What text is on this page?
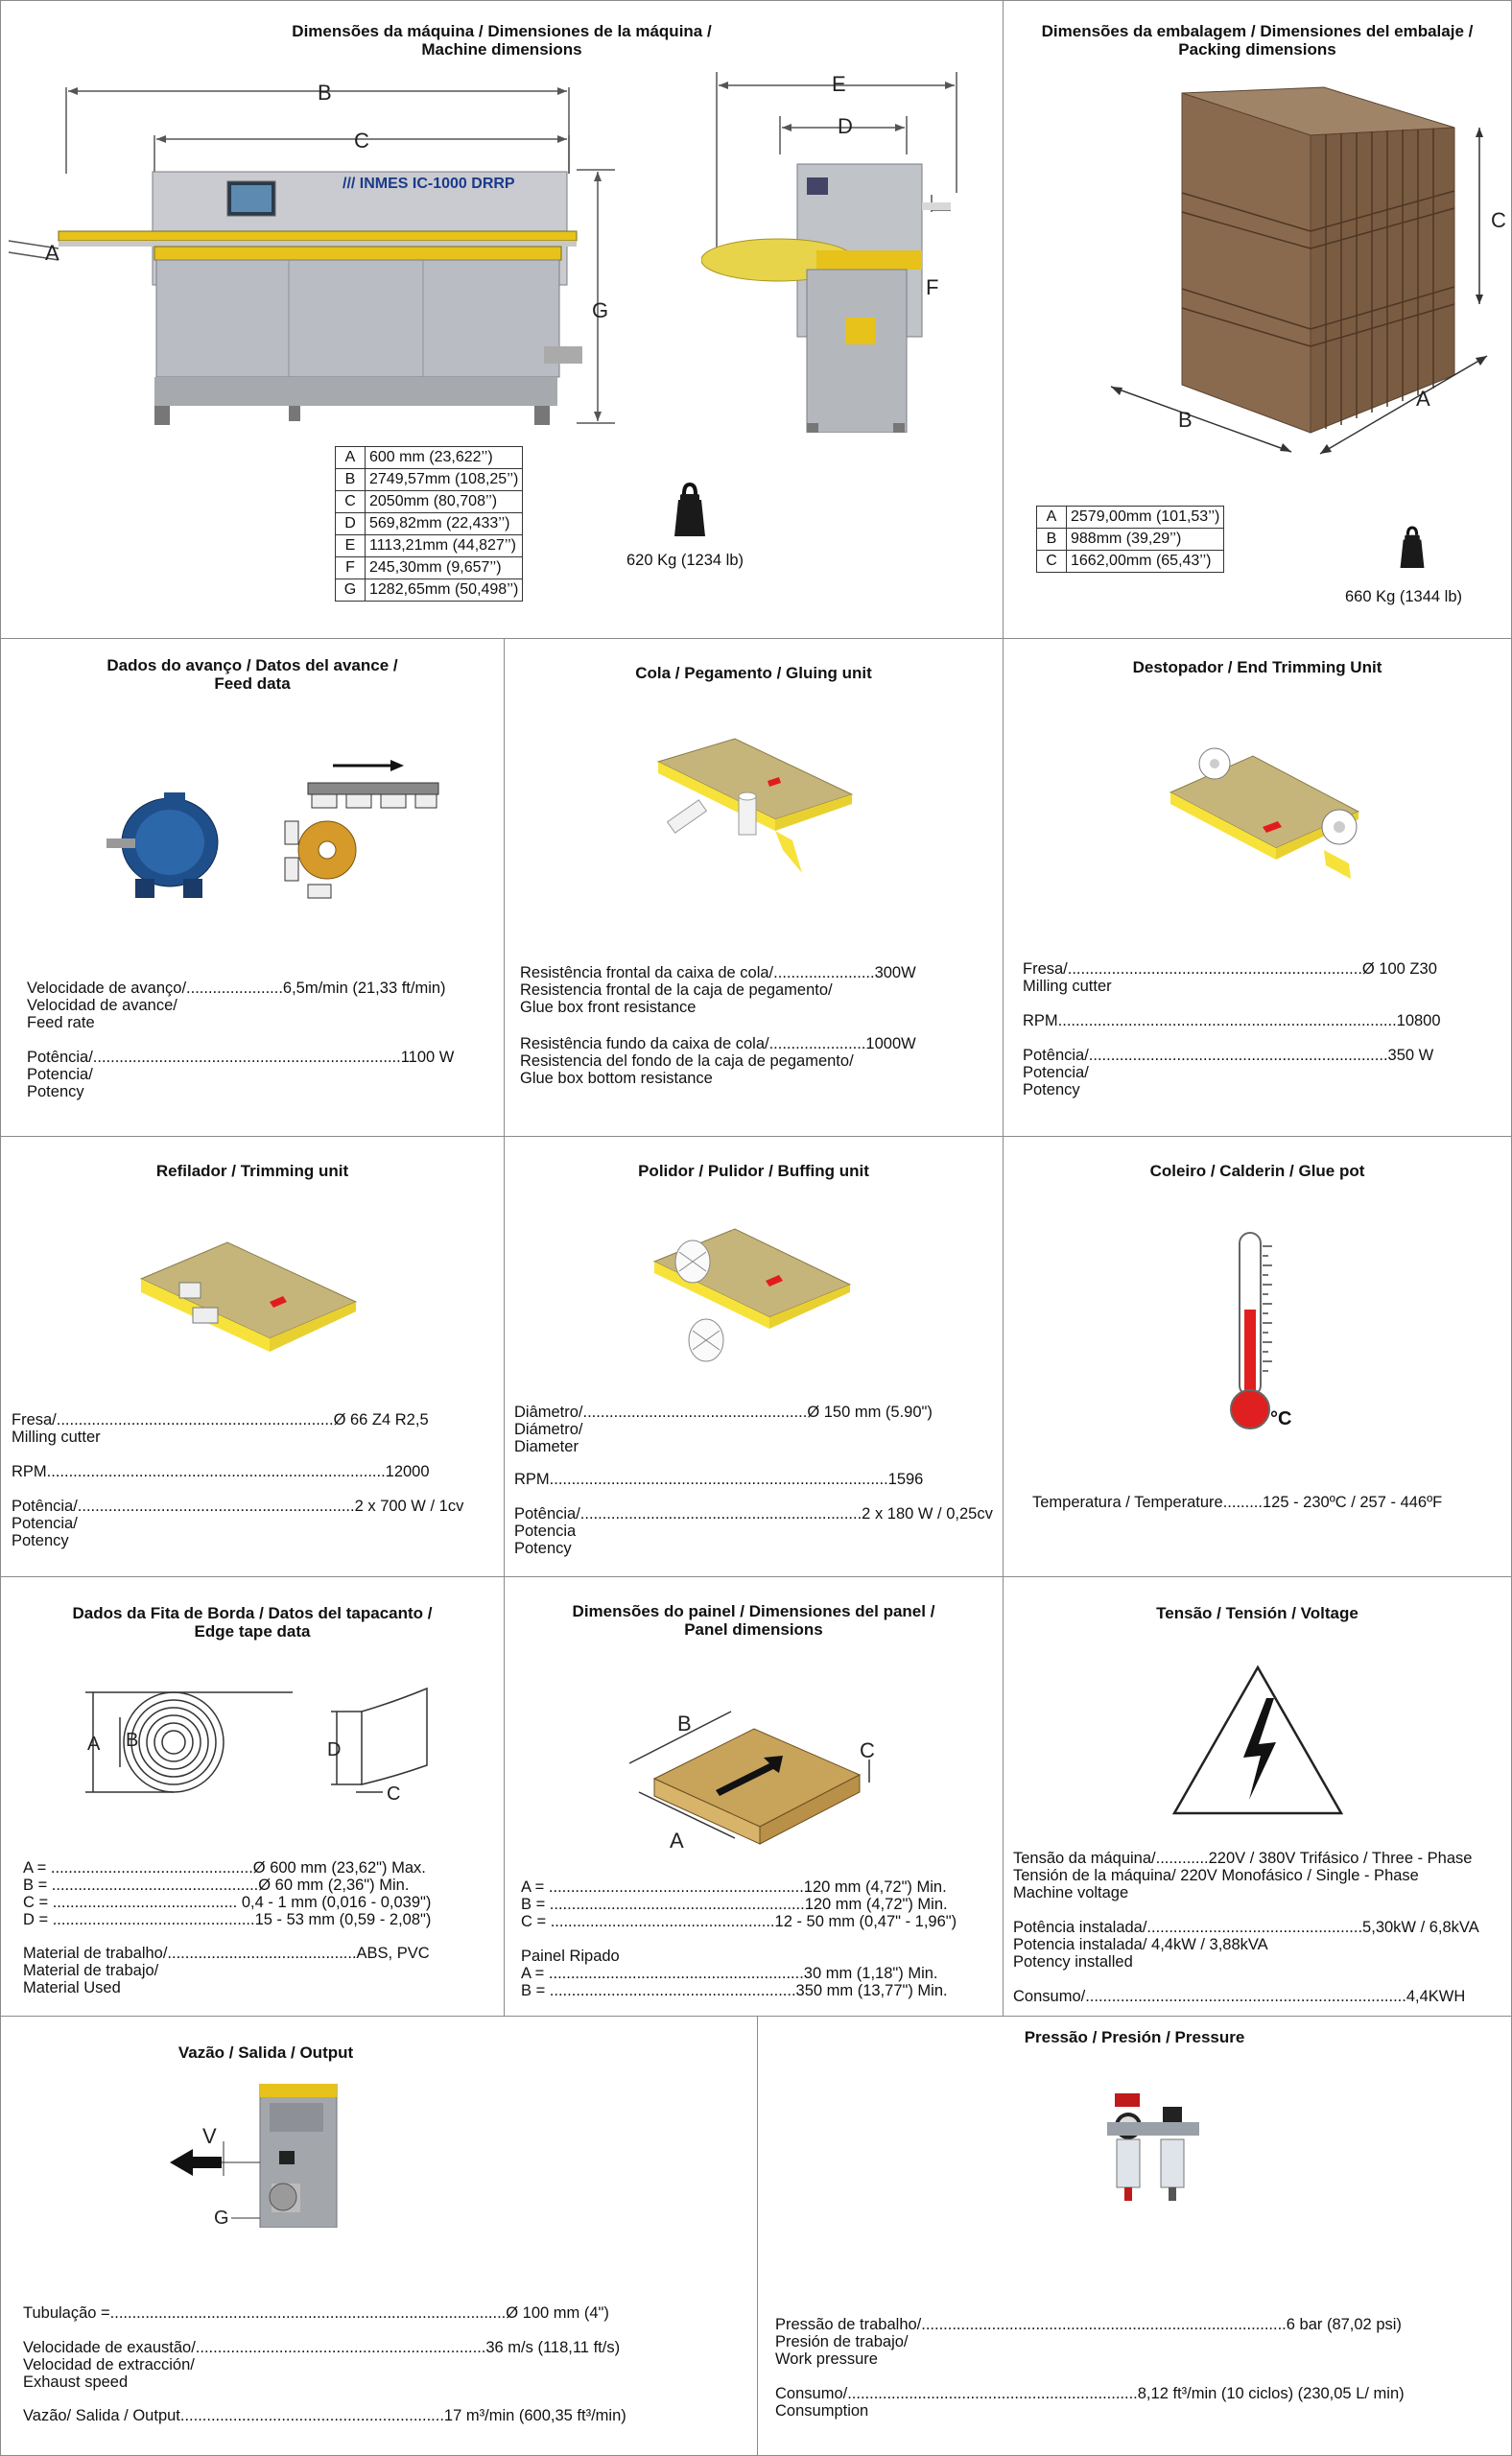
Dimensões da máquina / Dimensiones de la máquina /
Machine dimensions
/// INMES IC-1000 DRRP
B
C
A
G
E
D
F
A	600 mm (23,622’’)
B	2749,57mm (108,25’’)
C	2050mm (80,708’’)
D	569,82mm (22,433’’)
E	1113,21mm (44,827’’)
F	245,30mm (9,657’’)
G	1282,65mm (50,498’’)
620 Kg (1234 lb)
Dimensões da embalagem / Dimensiones del embalaje /
Packing dimensions
C
A
B
A	2579,00mm (101,53’’)
B	988mm (39,29’’)
C	1662,00mm (65,43’’)
660 Kg (1344 lb)
Dados do avanço / Datos del avance /
Feed data
Velocidade de avanço/......................6,5m/min (21,33 ft/min)
Velocidad de avance/
Feed rate
Potência/......................................................................1100 W
Potencia/
Potency
Cola / Pegamento / Gluing unit
Resistência frontal da caixa de cola/.......................300W
Resistencia frontal de la caja de pegamento/
Glue box front resistance
Resistência fundo da caixa de cola/......................1000W
Resistencia del fondo de la caja de pegamento/
Glue box bottom resistance
Destopador / End Trimming Unit
Fresa/...................................................................Ø 100 Z30
Milling cutter
RPM.............................................................................10800
Potência/....................................................................350 W
Potencia/
Potency
Refilador / Trimming unit
Fresa/...............................................................Ø 66 Z4 R2,5
Milling cutter
RPM.............................................................................12000
Potência/...............................................................2 x 700 W / 1cv
Potencia/
Potency
Polidor / Pulidor / Buffing unit
Diâmetro/...................................................Ø 150 mm (5.90")
Diámetro/
Diameter
RPM.............................................................................1596
Potência/................................................................2 x 180 W / 0,25cv
Potencia
Potency
Coleiro / Calderin / Glue pot
°C
Temperatura / Temperature.........125 - 230ºC / 257 - 446ºF
Dados da Fita de Borda / Datos del tapacanto /
Edge tape data
A B	D
C
A = ..............................................Ø 600 mm (23,62") Max.
B = ...............................................Ø 60 mm (2,36") Min.
C = .......................................... 0,4 - 1 mm (0,016 - 0,039")
D = ..............................................15 - 53 mm (0,59 - 2,08")
Material de trabalho/...........................................ABS, PVC
Material de trabajo/
Material Used
Dimensões do painel / Dimensiones del panel /
Panel dimensions
B
A
C
A = ..........................................................120 mm (4,72") Min.
B = ..........................................................120 mm (4,72") Min.
C = ...................................................12 - 50 mm (0,47" - 1,96")
Painel Ripado
A = ..........................................................30 mm (1,18") Min.
B = ........................................................350 mm (13,77") Min.
Tensão / Tensión / Voltage
Tensão da máquina/............220V / 380V Trifásico / Three - Phase
Tensión de la máquina/ 220V Monofásico / Single - Phase
Machine voltage
Potência instalada/.................................................5,30kW / 6,8kVA
Potencia instalada/ 4,4kW / 3,88kVA
Potency installed
Consumo/.........................................................................4,4KWH
Vazão / Salida / Output
V
G
Tubulação =..........................................................................................Ø 100 mm (4")
Velocidade de exaustão/..................................................................36 m/s (118,11 ft/s)
Velocidad de extracción/
Exhaust speed
Vazão/ Salida / Output............................................................17 m³/min (600,35 ft³/min)
Pressão / Presión / Pressure
Pressão de trabalho/...................................................................................6 bar (87,02 psi)
Presión de trabajo/
Work pressure
Consumo/..................................................................8,12 ft³/min (10 ciclos) (230,05 L/ min)
Consumption
